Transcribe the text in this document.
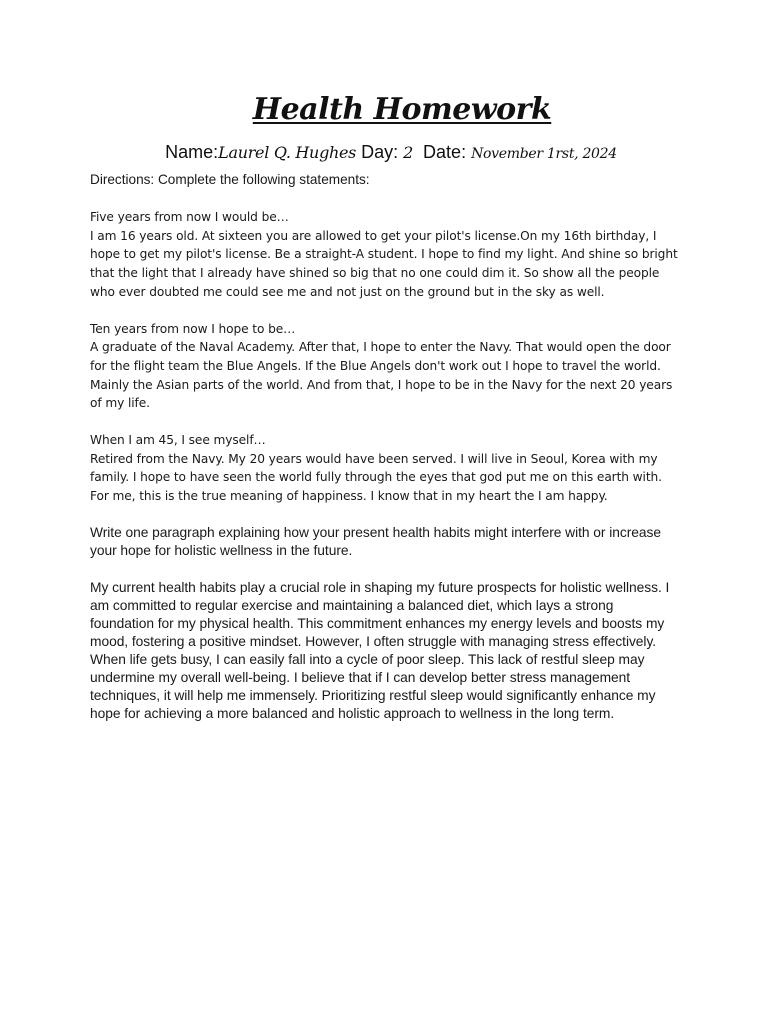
Health Homework
Name:Laurel Q. Hughes Day: 2 Date: November 1rst, 2024
Directions: Complete the following statements:

Five years from now I would be…

I am 16 years old. At sixteen you are allowed to get your pilot's license.On my 16th birthday, I hope to get my pilot's license. Be a straight-A student. I hope to find my light. And shine so bright that the light that I already have shined so big that no one could dim it. So show all the people who ever doubted me could see me and not just on the ground but in the sky as well.

Ten years from now I hope to be…

A graduate of the Naval Academy. After that, I hope to enter the Navy. That would open the door for the flight team the Blue Angels. If the Blue Angels don't work out I hope to travel the world. Mainly the Asian parts of the world. And from that, I hope to be in the Navy for the next 20 years of my life.

When I am 45, I see myself…

Retired from the Navy. My 20 years would have been served. I will live in Seoul, Korea with my family. I hope to have seen the world fully through the eyes that god put me on this earth with. For me, this is the true meaning of happiness. I know that in my heart the I am happy.

Write one paragraph explaining how your present health habits might interfere with or increase your hope for holistic wellness in the future.

My current health habits play a crucial role in shaping my future prospects for holistic wellness. I am committed to regular exercise and maintaining a balanced diet, which lays a strong foundation for my physical health. This commitment enhances my energy levels and boosts my mood, fostering a positive mindset. However, I often struggle with managing stress effectively. When life gets busy, I can easily fall into a cycle of poor sleep. This lack of restful sleep may undermine my overall well-being. I believe that if I can develop better stress management techniques, it will help me immensely. Prioritizing restful sleep would significantly enhance my hope for achieving a more balanced and holistic approach to wellness in the long term.
